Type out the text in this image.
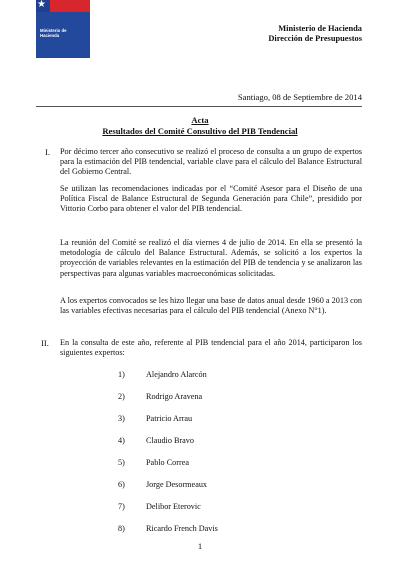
★
Ministerio de
Hacienda
Gobierno de Chile
Ministerio de Hacienda
Dirección de Presupuestos
Santiago, 08 de Septiembre de 2014
Acta
Resultados del Comité Consultivo del PIB Tendencial
I. Por décimo tercer año consecutivo se realizó el proceso de consulta a un grupo de expertos para la estimación del PIB tendencial, variable clave para el cálculo del Balance Estructural del Gobierno Central.
Se utilizan las recomendaciones indicadas por el “Comité Asesor para el Diseño de una Política Fiscal de Balance Estructural de Segunda Generación para Chile”, presidido por Vittorio Corbo para obtener el valor del PIB tendencial.
La reunión del Comité se realizó el día viernes 4 de julio de 2014. En ella se presentó la metodología de cálculo del Balance Estructural. Además, se solicitó a los expertos la proyección de variables relevantes en la estimación del PIB de tendencia y se analizaron las perspectivas para algunas variables macroeconómicas solicitadas.
A los expertos convocados se les hizo llegar una base de datos anual desde 1960 a 2013 con las variables efectivas necesarias para el cálculo del PIB tendencial (Anexo N°1).
II. En la consulta de este año, referente al PIB tendencial para el año 2014, participaron los siguientes expertos:
1)	Alejandro Alarcón
2)	Rodrigo Aravena
3)	Patricio Arrau
4)	Claudio Bravo
5)	Pablo Correa
6)	Jorge Desormeaux
7)	Delibor Eterovic
8)	Ricardo French Davis
1
